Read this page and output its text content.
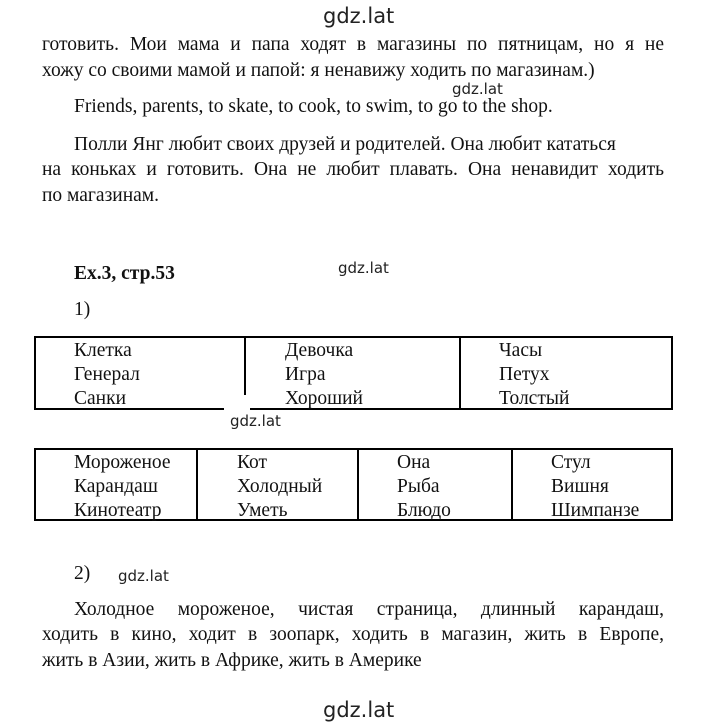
gdz.lat
готовить. Мои мама и папа ходят в магазины по пятницам, но я не
хожу со своими мамой и папой: я ненавижу ходить по магазинам.)
gdz.lat
Friends, parents, to skate, to cook, to swim, to go to the shop.
Полли Янг любит своих друзей и родителей. Она любит кататься
на коньках и готовить. Она не любит плавать. Она ненавидит ходить
по магазинам.
Ex.3, стр.53	gdz.lat
1)
Клетка
Генерал
Санки
Девочка
Игра
Хороший
Часы
Петух
Толстый
gdz.lat
Мороженое
Карандаш
Кинотеатр
Кот
Холодный
Уметь
Она
Рыба
Блюдо
Стул
Вишня
Шимпанзе
2) gdz.lat
Холодное мороженое, чистая страница, длинный карандаш,
ходить в кино, ходит в зоопарк, ходить в магазин, жить в Европе,
жить в Азии, жить в Африке, жить в Америке
gdz.lat
